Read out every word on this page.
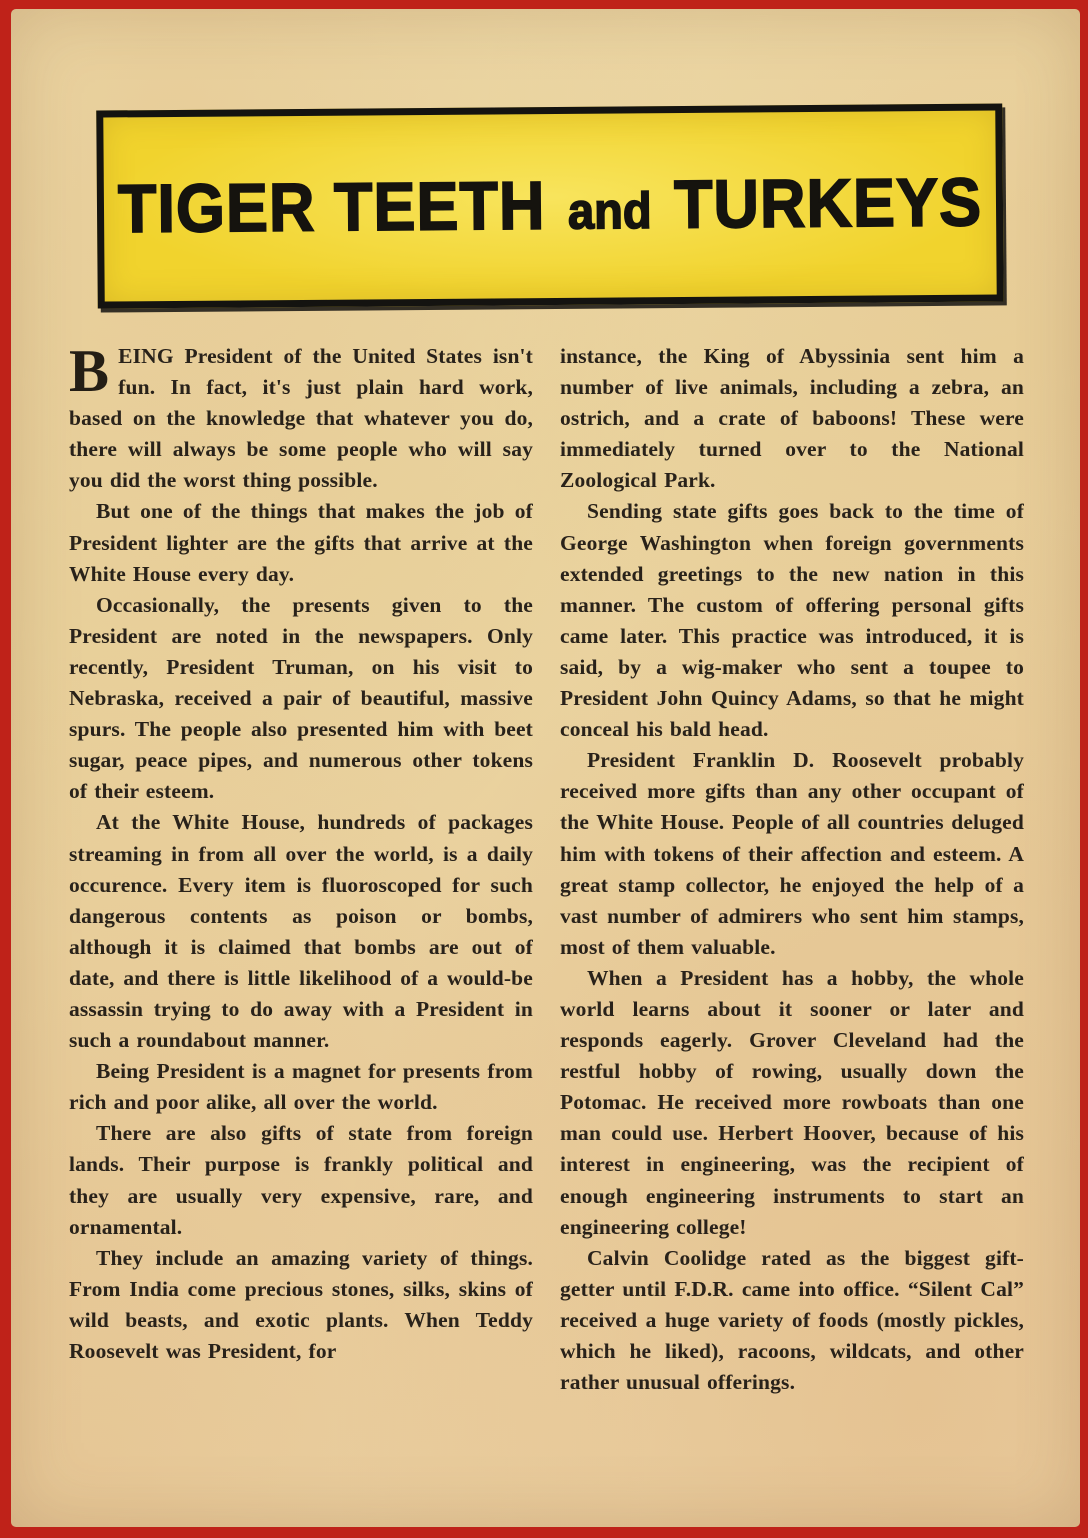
TIGER TEETH and TURKEYS

BEING President of the United States isn't fun. In fact, it's just plain hard work, based on the knowledge that whatever you do, there will always be some people who will say you did the worst thing possible.

But one of the things that makes the job of President lighter are the gifts that arrive at the White House every day.

Occasionally, the presents given to the President are noted in the newspapers. Only recently, President Truman, on his visit to Nebraska, received a pair of beautiful, massive spurs. The people also presented him with beet sugar, peace pipes, and numerous other tokens of their esteem.

At the White House, hundreds of packages streaming in from all over the world, is a daily occurence. Every item is fluoroscoped for such dangerous contents as poison or bombs, although it is claimed that bombs are out of date, and there is little likelihood of a would-be assassin trying to do away with a President in such a roundabout manner.

Being President is a magnet for presents from rich and poor alike, all over the world.

There are also gifts of state from foreign lands. Their purpose is frankly political and they are usually very expensive, rare, and ornamental.

They include an amazing variety of things. From India come precious stones, silks, skins of wild beasts, and exotic plants. When Teddy Roosevelt was President, for

instance, the King of Abyssinia sent him a number of live animals, including a zebra, an ostrich, and a crate of baboons! These were immediately turned over to the National Zoological Park.

Sending state gifts goes back to the time of George Washington when foreign governments extended greetings to the new nation in this manner. The custom of offering personal gifts came later. This practice was introduced, it is said, by a wig-maker who sent a toupee to President John Quincy Adams, so that he might conceal his bald head.

President Franklin D. Roosevelt probably received more gifts than any other occupant of the White House. People of all countries deluged him with tokens of their affection and esteem. A great stamp collector, he enjoyed the help of a vast number of admirers who sent him stamps, most of them valuable.

When a President has a hobby, the whole world learns about it sooner or later and responds eagerly. Grover Cleveland had the restful hobby of rowing, usually down the Potomac. He received more rowboats than one man could use. Herbert Hoover, because of his interest in engineering, was the recipient of enough engineering instruments to start an engineering college!

Calvin Coolidge rated as the biggest gift-getter until F.D.R. came into office. “Silent Cal” received a huge variety of foods (mostly pickles, which he liked), racoons, wildcats, and other rather unusual offerings.
